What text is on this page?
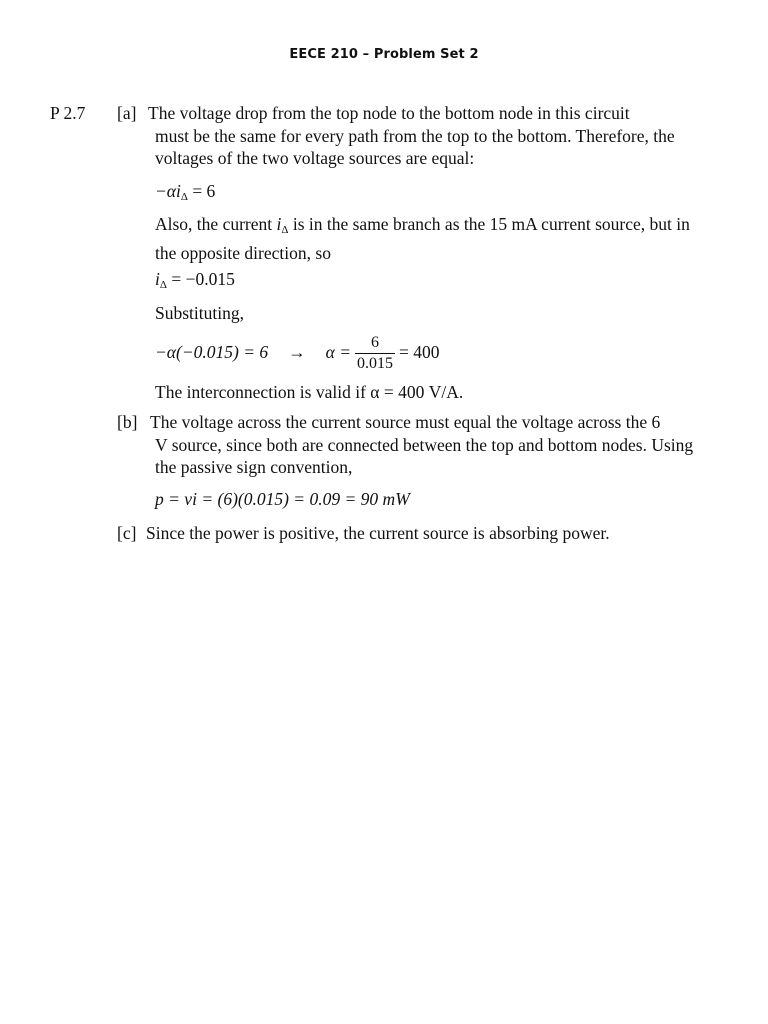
EECE 210 – Problem Set 2
P 2.7 [a] The voltage drop from the top node to the bottom node in this circuit
must be the same for every path from the top to the bottom. Therefore, the voltages of the two voltage sources are equal:
$-\alpha i_\Delta = 6$
Also, the current $i_\Delta$ is in the same branch as the 15 mA current source, but in the opposite direction, so
$i_\Delta = -0.015$
Substituting,
$-\alpha(-0.015) = 6 \to \alpha = \frac{6}{0.015} = 400$
The interconnection is valid if α = 400 V/A.
[b] The voltage across the current source must equal the voltage across the 6
V source, since both are connected between the top and bottom nodes. Using the passive sign convention,
p = vi = (6)(0.015) = 0.09 = 90 mW
[c] Since the power is positive, the current source is absorbing power.
